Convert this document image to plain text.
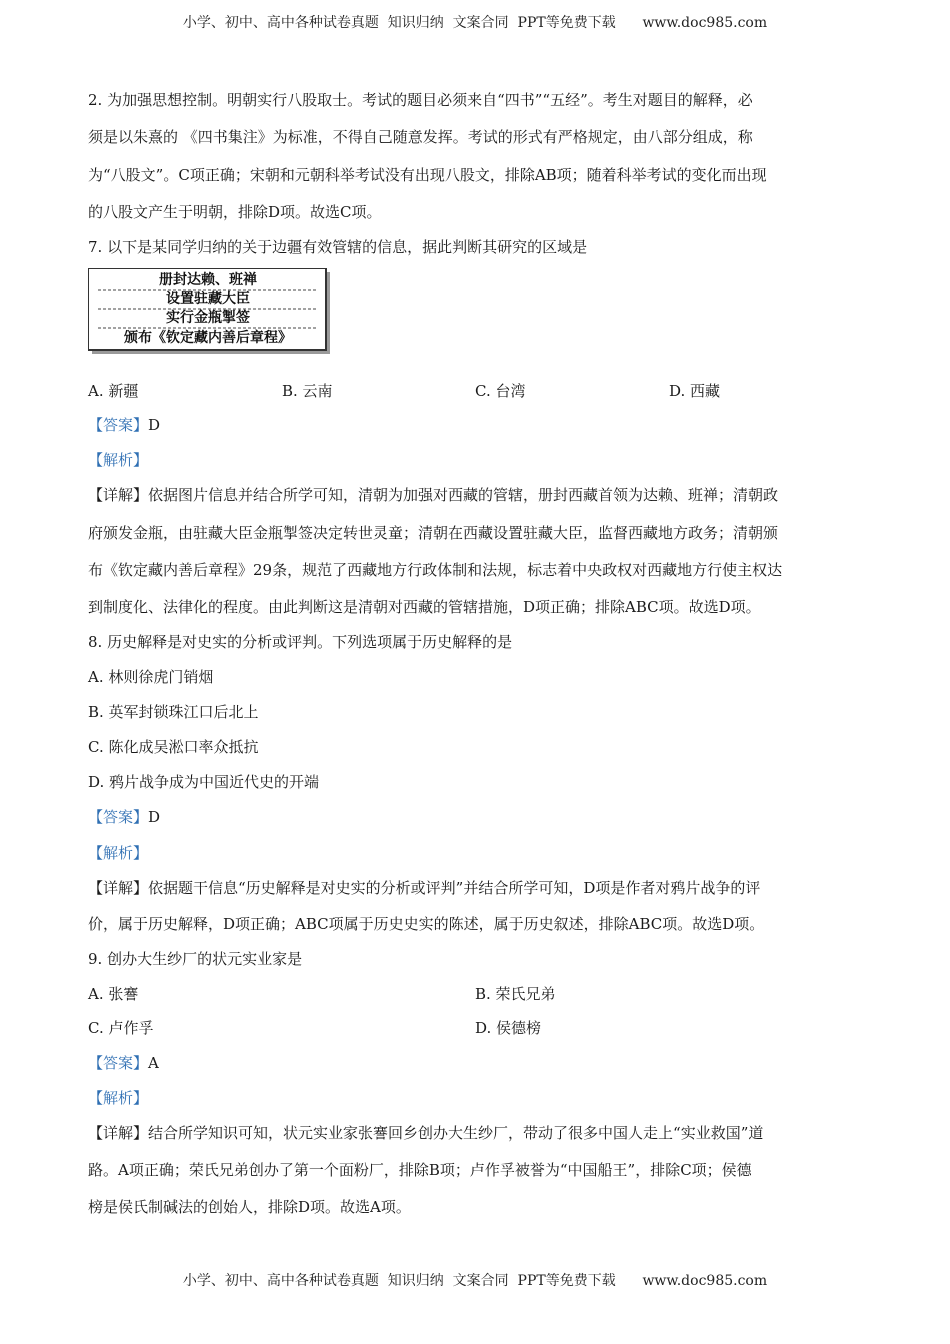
小学、初中、高中各种试卷真题  知识归纳  文案合同  PPT等免费下载      www.doc985.com
2. 为加强思想控制。明朝实行八股取士。考试的题目必须来自“四书”“五经”。考生对题目的解释，必
须是以朱熹的 《四书集注》为标准，不得自己随意发挥。考试的形式有严格规定，由八部分组成，称
为“八股文”。C项正确；宋朝和元朝科举考试没有出现八股文，排除AB项；随着科举考试的变化而出现
的八股文产生于明朝，排除D项。故选C项。
7. 以下是某同学归纳的关于边疆有效管辖的信息，据此判断其研究的区域是
册封达赖、班禅
设置驻藏大臣
实行金瓶掣签
颁布《钦定藏内善后章程》
A. 新疆	B. 云南	C. 台湾	D. 西藏
【答案】D
【解析】
【详解】依据图片信息并结合所学可知，清朝为加强对西藏的管辖，册封西藏首领为达赖、班禅；清朝政
府颁发金瓶，由驻藏大臣金瓶掣签决定转世灵童；清朝在西藏设置驻藏大臣，监督西藏地方政务；清朝颁
布《钦定藏内善后章程》29条，规范了西藏地方行政体制和法规，标志着中央政权对西藏地方行使主权达
到制度化、法律化的程度。由此判断这是清朝对西藏的管辖措施，D项正确；排除ABC项。故选D项。
8. 历史解释是对史实的分析或评判。下列选项属于历史解释的是
A. 林则徐虎门销烟
B. 英军封锁珠江口后北上
C. 陈化成吴淞口率众抵抗
D. 鸦片战争成为中国近代史的开端
【答案】D
【解析】
【详解】依据题干信息“历史解释是对史实的分析或评判”并结合所学可知，D项是作者对鸦片战争的评
价，属于历史解释，D项正确；ABC项属于历史史实的陈述，属于历史叙述，排除ABC项。故选D项。
9. 创办大生纱厂的状元实业家是
A. 张謇	B. 荣氏兄弟
C. 卢作孚	D. 侯德榜
【答案】A
【解析】
【详解】结合所学知识可知，状元实业家张謇回乡创办大生纱厂，带动了很多中国人走上“实业救国”道
路。A项正确；荣氏兄弟创办了第一个面粉厂，排除B项；卢作孚被誉为“中国船王”，排除C项；侯德
榜是侯氏制碱法的创始人，排除D项。故选A项。
小学、初中、高中各种试卷真题  知识归纳  文案合同  PPT等免费下载      www.doc985.com
